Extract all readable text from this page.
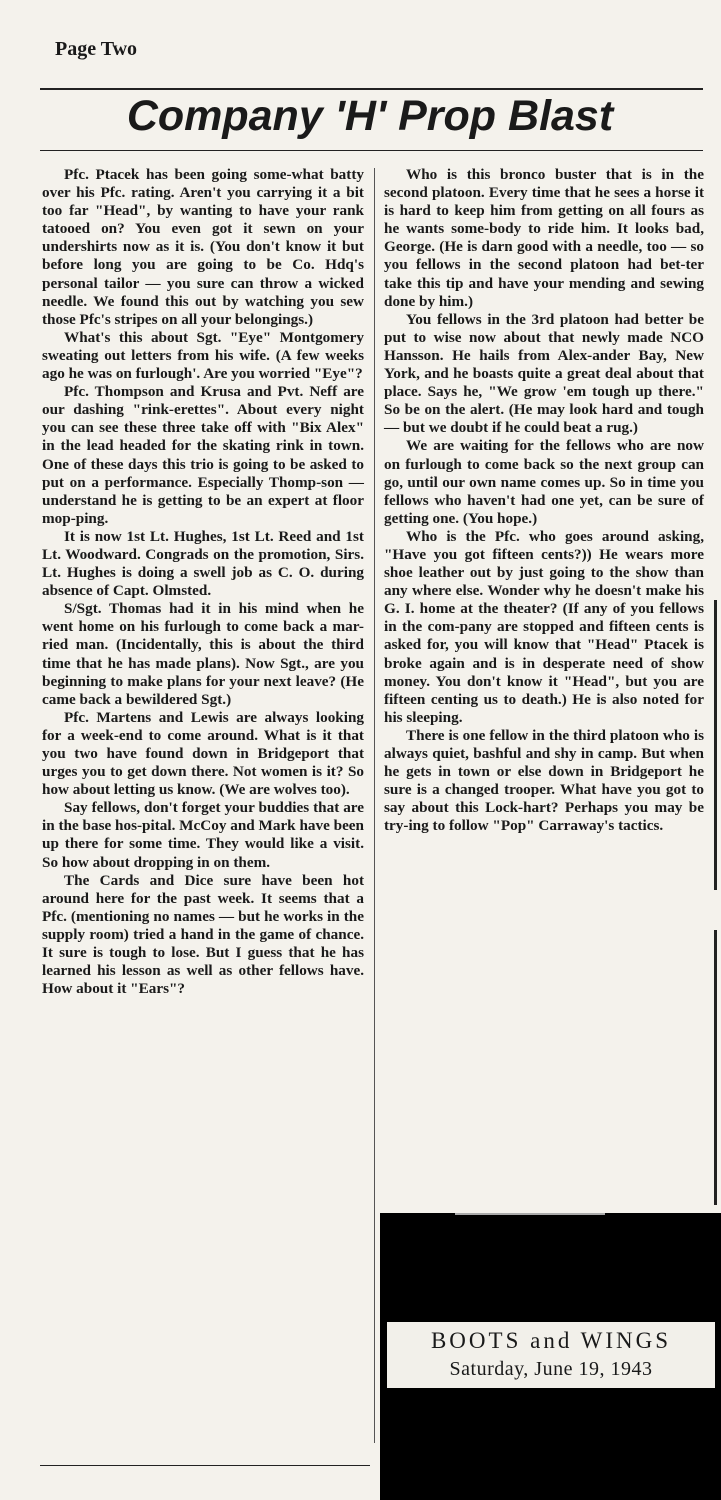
Page Two
Company 'H' Prop Blast

Pfc. Ptacek has been going some-what batty over his Pfc. rating. Aren't you carrying it a bit too far "Head", by wanting to have your rank tatooed on? You even got it sewn on your undershirts now as it is. (You don't know it but before long you are going to be Co. Hdq's personal tailor — you sure can throw a wicked needle. We found this out by watching you sew those Pfc's stripes on all your belongings.)

What's this about Sgt. "Eye" Montgomery sweating out letters from his wife. (A few weeks ago he was on furlough'. Are you worried "Eye"?

Pfc. Thompson and Krusa and Pvt. Neff are our dashing "rink-erettes". About every night you can see these three take off with "Bix Alex" in the lead headed for the skating rink in town. One of these days this trio is going to be asked to put on a performance. Especially Thomp-son — understand he is getting to be an expert at floor mop-ping.

It is now 1st Lt. Hughes, 1st Lt. Reed and 1st Lt. Woodward. Congrads on the promotion, Sirs. Lt. Hughes is doing a swell job as C. O. during absence of Capt. Olmsted.

S/Sgt. Thomas had it in his mind when he went home on his furlough to come back a mar-ried man. (Incidentally, this is about the third time that he has made plans). Now Sgt., are you beginning to make plans for your next leave? (He came back a bewildered Sgt.)

Pfc. Martens and Lewis are always looking for a week-end to come around. What is it that you two have found down in Bridgeport that urges you to get down there. Not women is it? So how about letting us know. (We are wolves too).

Say fellows, don't forget your buddies that are in the base hos-pital. McCoy and Mark have been up there for some time. They would like a visit. So how about dropping in on them.

The Cards and Dice sure have been hot around here for the past week. It seems that a Pfc. (mentioning no names — but he works in the supply room) tried a hand in the game of chance. It sure is tough to lose. But I guess that he has learned his lesson as well as other fellows have. How about it "Ears"?

Who is this bronco buster that is in the second platoon. Every time that he sees a horse it is hard to keep him from getting on all fours as he wants some-body to ride him. It looks bad, George. (He is darn good with a needle, too — so you fellows in the second platoon had bet-ter take this tip and have your mending and sewing done by him.)

You fellows in the 3rd platoon had better be put to wise now about that newly made NCO Hansson. He hails from Alex-ander Bay, New York, and he boasts quite a great deal about that place. Says he, "We grow 'em tough up there." So be on the alert. (He may look hard and tough — but we doubt if he could beat a rug.)

We are waiting for the fellows who are now on furlough to come back so the next group can go, until our own name comes up. So in time you fellows who haven't had one yet, can be sure of getting one. (You hope.)

Who is the Pfc. who goes around asking, "Have you got fifteen cents?)) He wears more shoe leather out by just going to the show than any where else. Wonder why he doesn't make his G. I. home at the theater? (If any of you fellows in the com-pany are stopped and fifteen cents is asked for, you will know that "Head" Ptacek is broke again and is in desperate need of show money. You don't know it "Head", but you are fifteen centing us to death.) He is also noted for his sleeping.

There is one fellow in the third platoon who is always quiet, bashful and shy in camp. But when he gets in town or else down in Bridgeport he sure is a changed trooper. What have you got to say about this Lock-hart? Perhaps you may be try-ing to follow "Pop" Carraway's tactics.

BOOTS and WINGS
Saturday, June 19, 1943
